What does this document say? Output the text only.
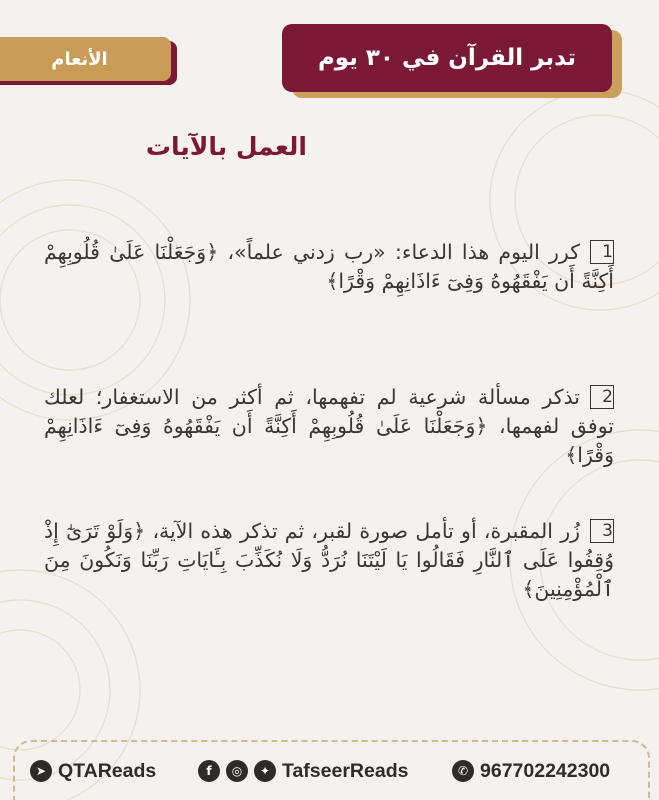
تدبر القرآن في ٣٠ يوم
الأنعام
العمل بالآيات
1كرر اليوم هذا الدعاء: «رب زدني علماً»، ﴿وَجَعَلْنَا عَلَىٰ قُلُوبِهِمْ أَكِنَّةً أَن يَفْقَهُوهُ وَفِىٓ ءَاذَانِهِمْ وَقْرًا﴾
2تذكر مسألة شرعية لم تفهمها، ثم أكثر من الاستغفار؛ لعلك توفق لفهمها، ﴿وَجَعَلْنَا عَلَىٰ قُلُوبِهِمْ أَكِنَّةً أَن يَفْقَهُوهُ وَفِىٓ ءَاذَانِهِمْ وَقْرًا﴾
3زُر المقبرة، أو تأمل صورة لقبر، ثم تذكر هذه الآية، ﴿وَلَوْ تَرَىٰٓ إِذْ وُقِفُوا عَلَى ٱلنَّارِ فَقَالُوا يَا لَيْتَنَا نُرَدُّ وَلَا نُكَذِّبَ بِـَٔايَاتِ رَبِّنَا وَنَكُونَ مِنَ ٱلْمُؤْمِنِينَ﴾
➤ QTAReads	f	◎	✦ TafseerReads	✆ 967702242300
